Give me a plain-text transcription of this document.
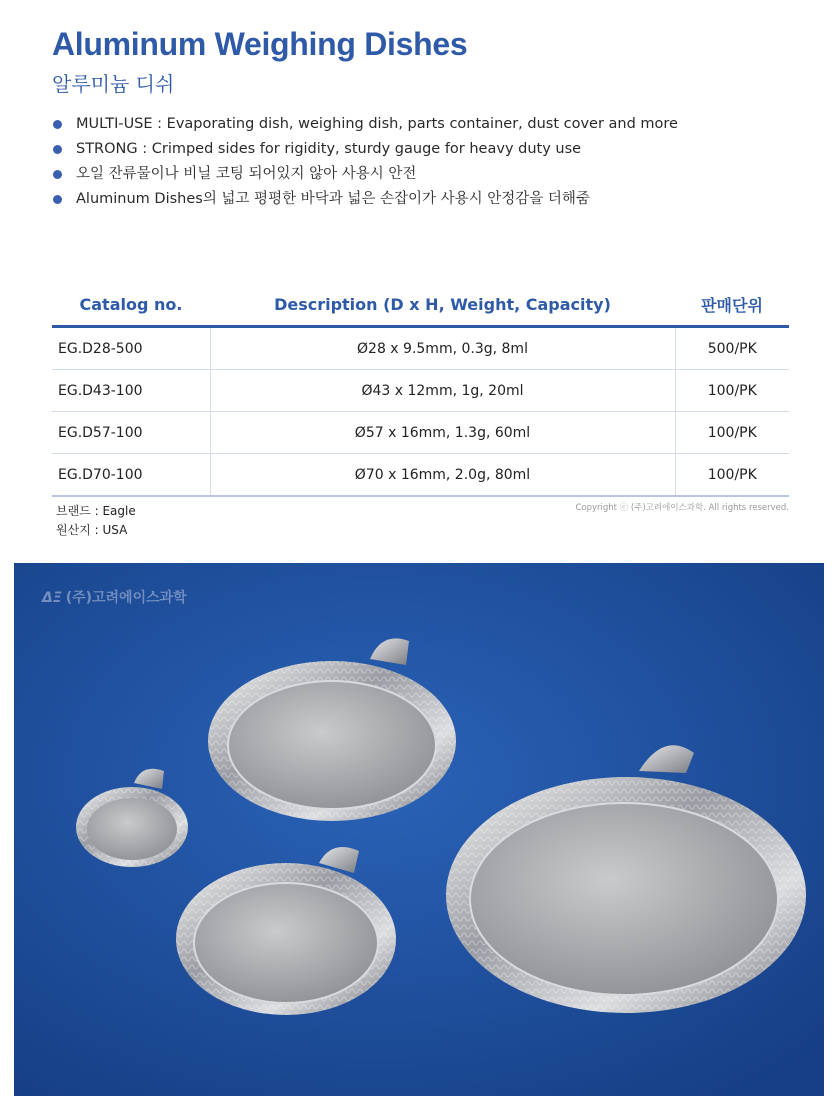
Aluminum Weighing Dishes
알루미늄 디쉬
MULTI-USE : Evaporating dish, weighing dish, parts container, dust cover and more
STRONG : Crimped sides for rigidity, sturdy gauge for heavy duty use
오일 잔류물이나 비닐 코팅 되어있지 않아 사용시 안전
Aluminum Dishes의 넓고 평평한 바닥과 넓은 손잡이가 사용시 안정감을 더해줌
Catalog no.	Description (D x H, Weight, Capacity)	판매단위
EG.D28-500	Ø28 x 9.5mm, 0.3g, 8ml	500/PK
EG.D43-100	Ø43 x 12mm, 1g, 20ml	100/PK
EG.D57-100	Ø57 x 16mm, 1.3g, 60ml	100/PK
EG.D70-100	Ø70 x 16mm, 2.0g, 80ml	100/PK
브랜드 : Eagle
원산지 : USA
Copyright ⓒ (주)고려에이스과학. All rights reserved.
ΔΞ (주)고려에이스과학
